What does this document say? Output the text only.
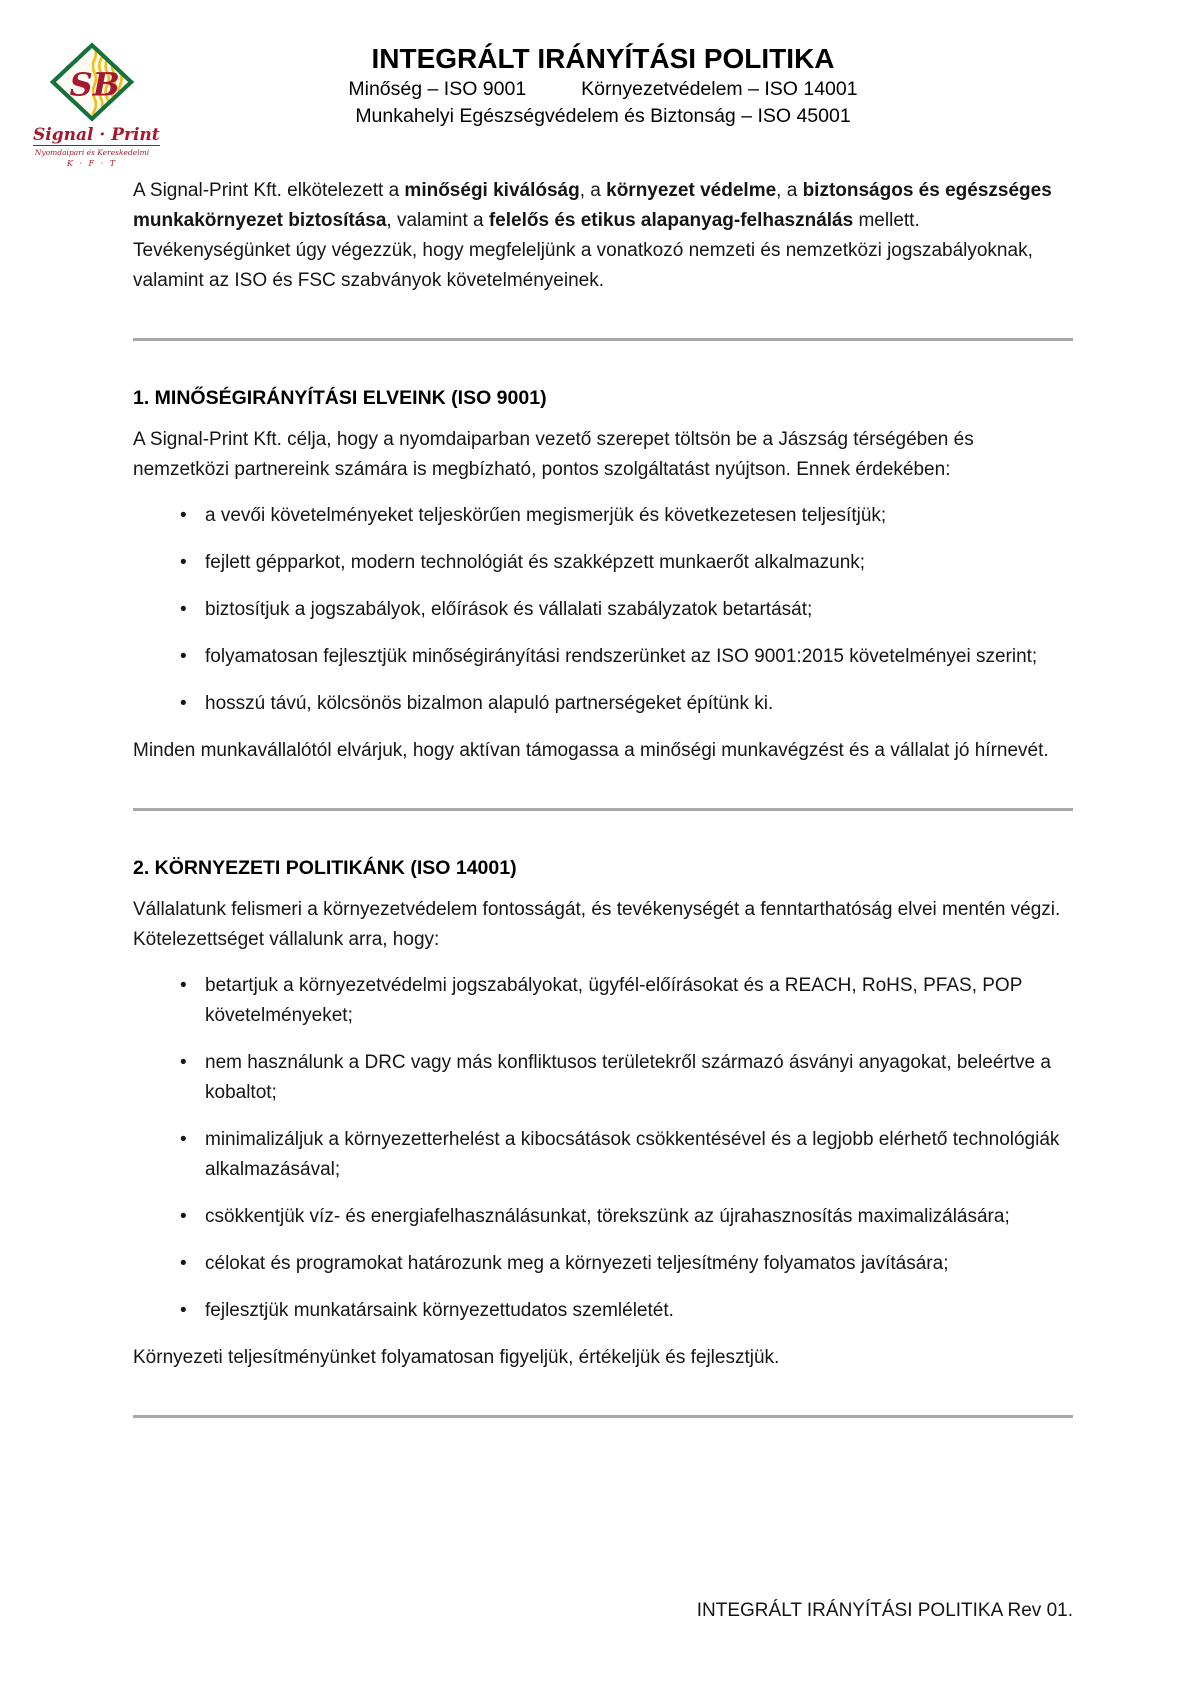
SB
Signal · Print
Nyomdaipari és Kereskedelmi
K · F · T
INTEGRÁLT IRÁNYÍTÁSI POLITIKA
Minőség – ISO 9001	Környezetvédelem – ISO 14001
Munkahelyi Egészségvédelem és Biztonság – ISO 45001

A Signal-Print Kft. elkötelezett a minőségi kiválóság, a környezet védelme, a biztonságos és egészséges munkakörnyezet biztosítása, valamint a felelős és etikus alapanyag-felhasználás mellett. Tevékenységünket úgy végezzük, hogy megfeleljünk a vonatkozó nemzeti és nemzetközi jogszabályoknak, valamint az ISO és FSC szabványok követelményeinek.

1. MINŐSÉGIRÁNYÍTÁSI ELVEINK (ISO 9001)

A Signal-Print Kft. célja, hogy a nyomdaiparban vezető szerepet töltsön be a Jászság térségében és nemzetközi partnereink számára is megbízható, pontos szolgáltatást nyújtson. Ennek érdekében:

• a vevői követelményeket teljeskörűen megismerjük és következetesen teljesítjük;
• fejlett gépparkot, modern technológiát és szakképzett munkaerőt alkalmazunk;
• biztosítjuk a jogszabályok, előírások és vállalati szabályzatok betartását;
• folyamatosan fejlesztjük minőségirányítási rendszerünket az ISO 9001:2015 követelményei szerint;
• hosszú távú, kölcsönös bizalmon alapuló partnerségeket építünk ki.

Minden munkavállalótól elvárjuk, hogy aktívan támogassa a minőségi munkavégzést és a vállalat jó hírnevét.

2. KÖRNYEZETI POLITIKÁNK (ISO 14001)

Vállalatunk felismeri a környezetvédelem fontosságát, és tevékenységét a fenntarthatóság elvei mentén végzi. Kötelezettséget vállalunk arra, hogy:

• betartjuk a környezetvédelmi jogszabályokat, ügyfél-előírásokat és a REACH, RoHS, PFAS, POP követelményeket;
• nem használunk a DRC vagy más konfliktusos területekről származó ásványi anyagokat, beleértve a kobaltot;
• minimalizáljuk a környezetterhelést a kibocsátások csökkentésével és a legjobb elérhető technológiák alkalmazásával;
• csökkentjük víz- és energiafelhasználásunkat, törekszünk az újrahasznosítás maximalizálására;
• célokat és programokat határozunk meg a környezeti teljesítmény folyamatos javítására;
• fejlesztjük munkatársaink környezettudatos szemléletét.

Környezeti teljesítményünket folyamatosan figyeljük, értékeljük és fejlesztjük.

INTEGRÁLT IRÁNYÍTÁSI POLITIKA Rev 01.
